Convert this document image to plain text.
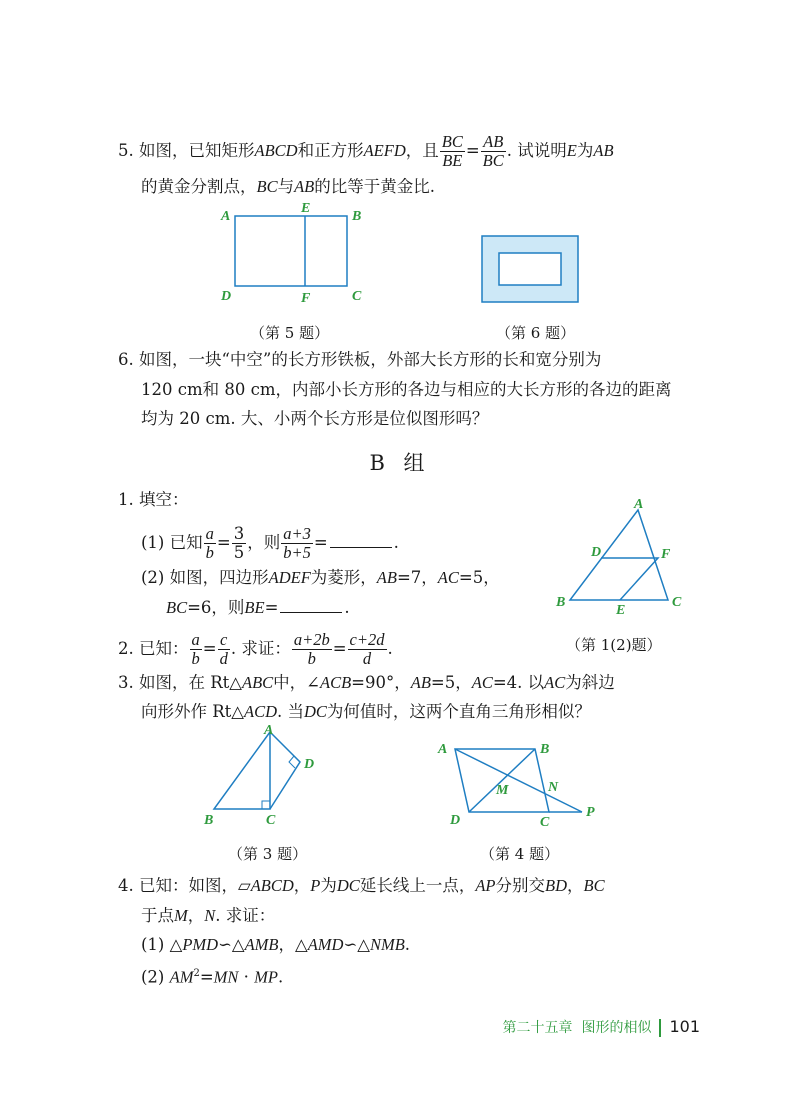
5. 如图，已知矩形ABCD和正方形AEFD，且 $\frac{BC}{BE} = \frac{AB}{BC}$ . 试说明E为AB
的黄金分割点，BC与AB的比等于黄金比.
A
E
B
D	F	C
（第 5 题）	（第 6 题）
6. 如图，一块“中空”的长方形铁板，外部大长方形的长和宽分别为
120 cm和 80 cm，内部小长方形的各边与相应的大长方形的各边的距离
均为 20 cm. 大、小两个长方形是位似图形吗？
B 组
1. 填空：
(1) 已知 $\frac{a}{b} = \frac{3}{5}$ ，则 $\frac{a+3}{b+5}$ =	.
(2) 如图，四边形ADEF为菱形，AB=7，AC=5，
BC=6，则BE=	.
A
D	F
B
E
C
（第 1(2)题）
2. 已知： $\frac{a}{b} = \frac{c}{d}$ . 求证： $\frac{a+2b}{b} = \frac{c+2d}{d}$ .
3. 如图，在 Rt△ABC中，∠ACB=90°，AB=5，AC=4. 以AC为斜边
向形外作 Rt△ACD. 当DC为何值时，这两个直角三角形相似？
A
D
B	C
（第 3 题）
A	B
M	N
D	C
P
（第 4 题）
4. 已知：如图，▱ABCD，P为DC延长线上一点，AP分别交BD，BC
于点M，N. 求证：
(1) △PMD∽△AMB，△AMD∽△NMB.
(2) $AM^2=MN$ · MP.
第二十五章 图形的相似 101
